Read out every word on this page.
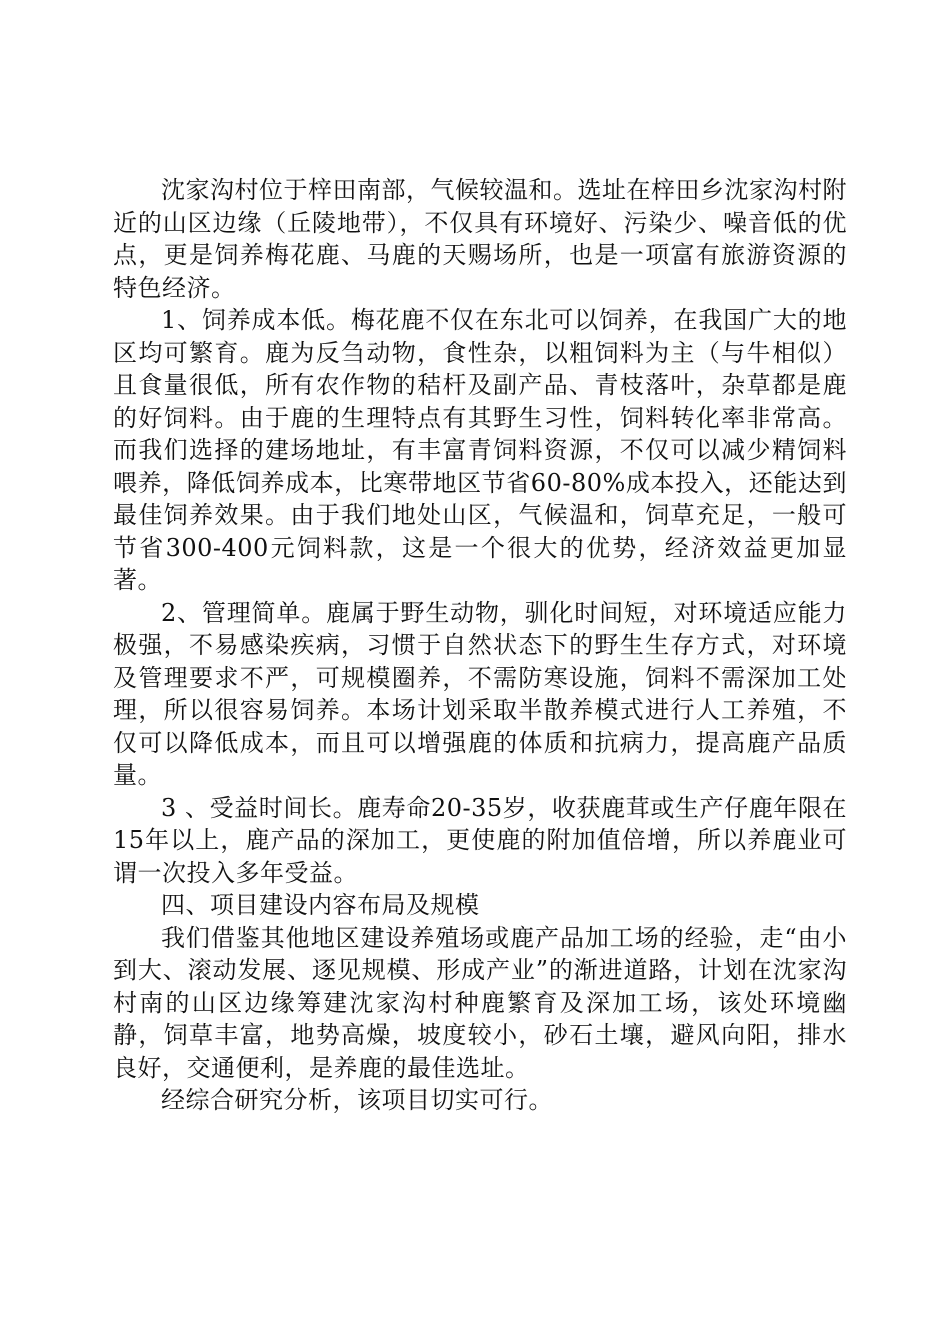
沈家沟村位于梓田南部，气候较温和。选址在梓田乡沈家沟村附近的山区边缘（丘陵地带），不仅具有环境好、污染少、噪音低的优点，更是饲养梅花鹿、马鹿的天赐场所，也是一项富有旅游资源的特色经济。

1、饲养成本低。梅花鹿不仅在东北可以饲养，在我国广大的地区均可繁育。鹿为反刍动物，食性杂，以粗饲料为主（与牛相似）且食量很低，所有农作物的秸杆及副产品、青枝落叶，杂草都是鹿的好饲料。由于鹿的生理特点有其野生习性，饲料转化率非常高。而我们选择的建场地址，有丰富青饲料资源，不仅可以减少精饲料喂养，降低饲养成本，比寒带地区节省60-80%成本投入，还能达到最佳饲养效果。由于我们地处山区，气候温和，饲草充足，一般可节省300-400元饲料款，这是一个很大的优势，经济效益更加显著。

2、管理简单。鹿属于野生动物，驯化时间短，对环境适应能力极强，不易感染疾病，习惯于自然状态下的野生生存方式，对环境及管理要求不严，可规模圈养，不需防寒设施，饲料不需深加工处理，所以很容易饲养。本场计划采取半散养模式进行人工养殖，不仅可以降低成本，而且可以增强鹿的体质和抗病力，提高鹿产品质量。

3 、受益时间长。鹿寿命20-35岁，收获鹿茸或生产仔鹿年限在15年以上，鹿产品的深加工，更使鹿的附加值倍增，所以养鹿业可谓一次投入多年受益。

四、项目建设内容布局及规模

我们借鉴其他地区建设养殖场或鹿产品加工场的经验，走“由小到大、滚动发展、逐见规模、形成产业”的渐进道路，计划在沈家沟村南的山区边缘筹建沈家沟村种鹿繁育及深加工场，该处环境幽静，饲草丰富，地势高燥，坡度较小，砂石土壤，避风向阳，排水良好，交通便利，是养鹿的最佳选址。

经综合研究分析，该项目切实可行。
